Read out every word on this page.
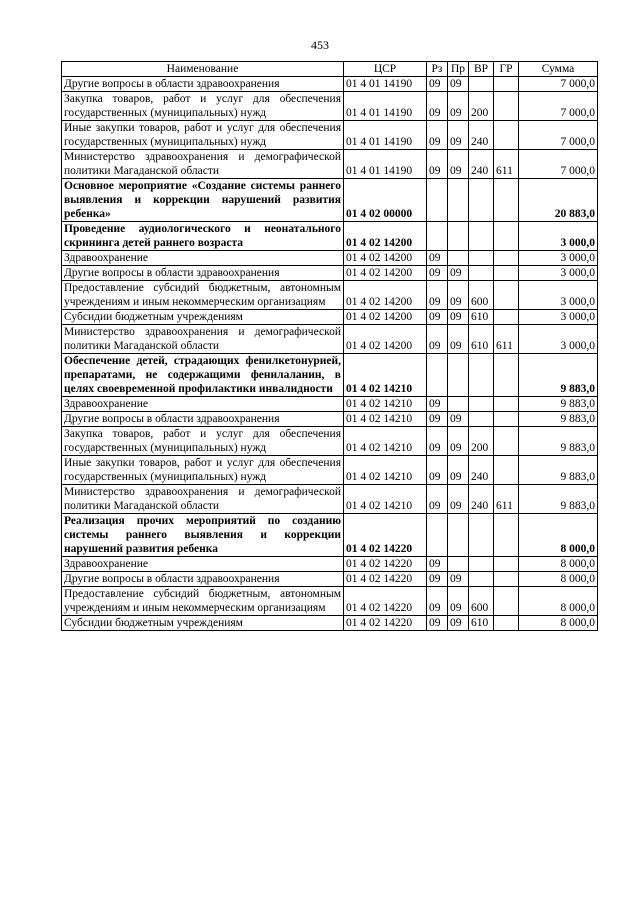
453
Наименование	ЦСР	Рз	Пр	ВР	ГР	Сумма
Другие вопросы в области здравоохранения	01 4 01 14190	09	09			7 000,0
Закупка товаров, работ и услуг для обеспечения государственных (муниципальных) нужд	01 4 01 14190	09	09	200		7 000,0
Иные закупки товаров, работ и услуг для обеспечения государственных (муниципальных) нужд	01 4 01 14190	09	09	240		7 000,0
Министерство здравоохранения и демографической политики Магаданской области	01 4 01 14190	09	09	240	611	7 000,0
Основное мероприятие «Создание системы раннего выявления и коррекции нарушений развития ребенка»	01 4 02 00000					20 883,0
Проведение аудиологического и неонатального скрининга детей раннего возраста	01 4 02 14200					3 000,0
Здравоохранение	01 4 02 14200	09				3 000,0
Другие вопросы в области здравоохранения	01 4 02 14200	09	09			3 000,0
Предоставление субсидий бюджетным, автономным учреждениям и иным некоммерческим организациям	01 4 02 14200	09	09	600		3 000,0
Субсидии бюджетным учреждениям	01 4 02 14200	09	09	610		3 000,0
Министерство здравоохранения и демографической политики Магаданской области	01 4 02 14200	09	09	610	611	3 000,0
Обеспечение детей, страдающих фенилкетонурией, препаратами, не содержащими фенилаланин, в целях своевременной профилактики инвалидности	01 4 02 14210					9 883,0
Здравоохранение	01 4 02 14210	09				9 883,0
Другие вопросы в области здравоохранения	01 4 02 14210	09	09			9 883,0
Закупка товаров, работ и услуг для обеспечения государственных (муниципальных) нужд	01 4 02 14210	09	09	200		9 883,0
Иные закупки товаров, работ и услуг для обеспечения государственных (муниципальных) нужд	01 4 02 14210	09	09	240		9 883,0
Министерство здравоохранения и демографической политики Магаданской области	01 4 02 14210	09	09	240	611	9 883,0
Реализация прочих мероприятий по созданию системы раннего выявления и коррекции нарушений развития ребенка	01 4 02 14220					8 000,0
Здравоохранение	01 4 02 14220	09				8 000,0
Другие вопросы в области здравоохранения	01 4 02 14220	09	09			8 000,0
Предоставление субсидий бюджетным, автономным учреждениям и иным некоммерческим организациям	01 4 02 14220	09	09	600		8 000,0
Субсидии бюджетным учреждениям	01 4 02 14220	09	09	610		8 000,0
